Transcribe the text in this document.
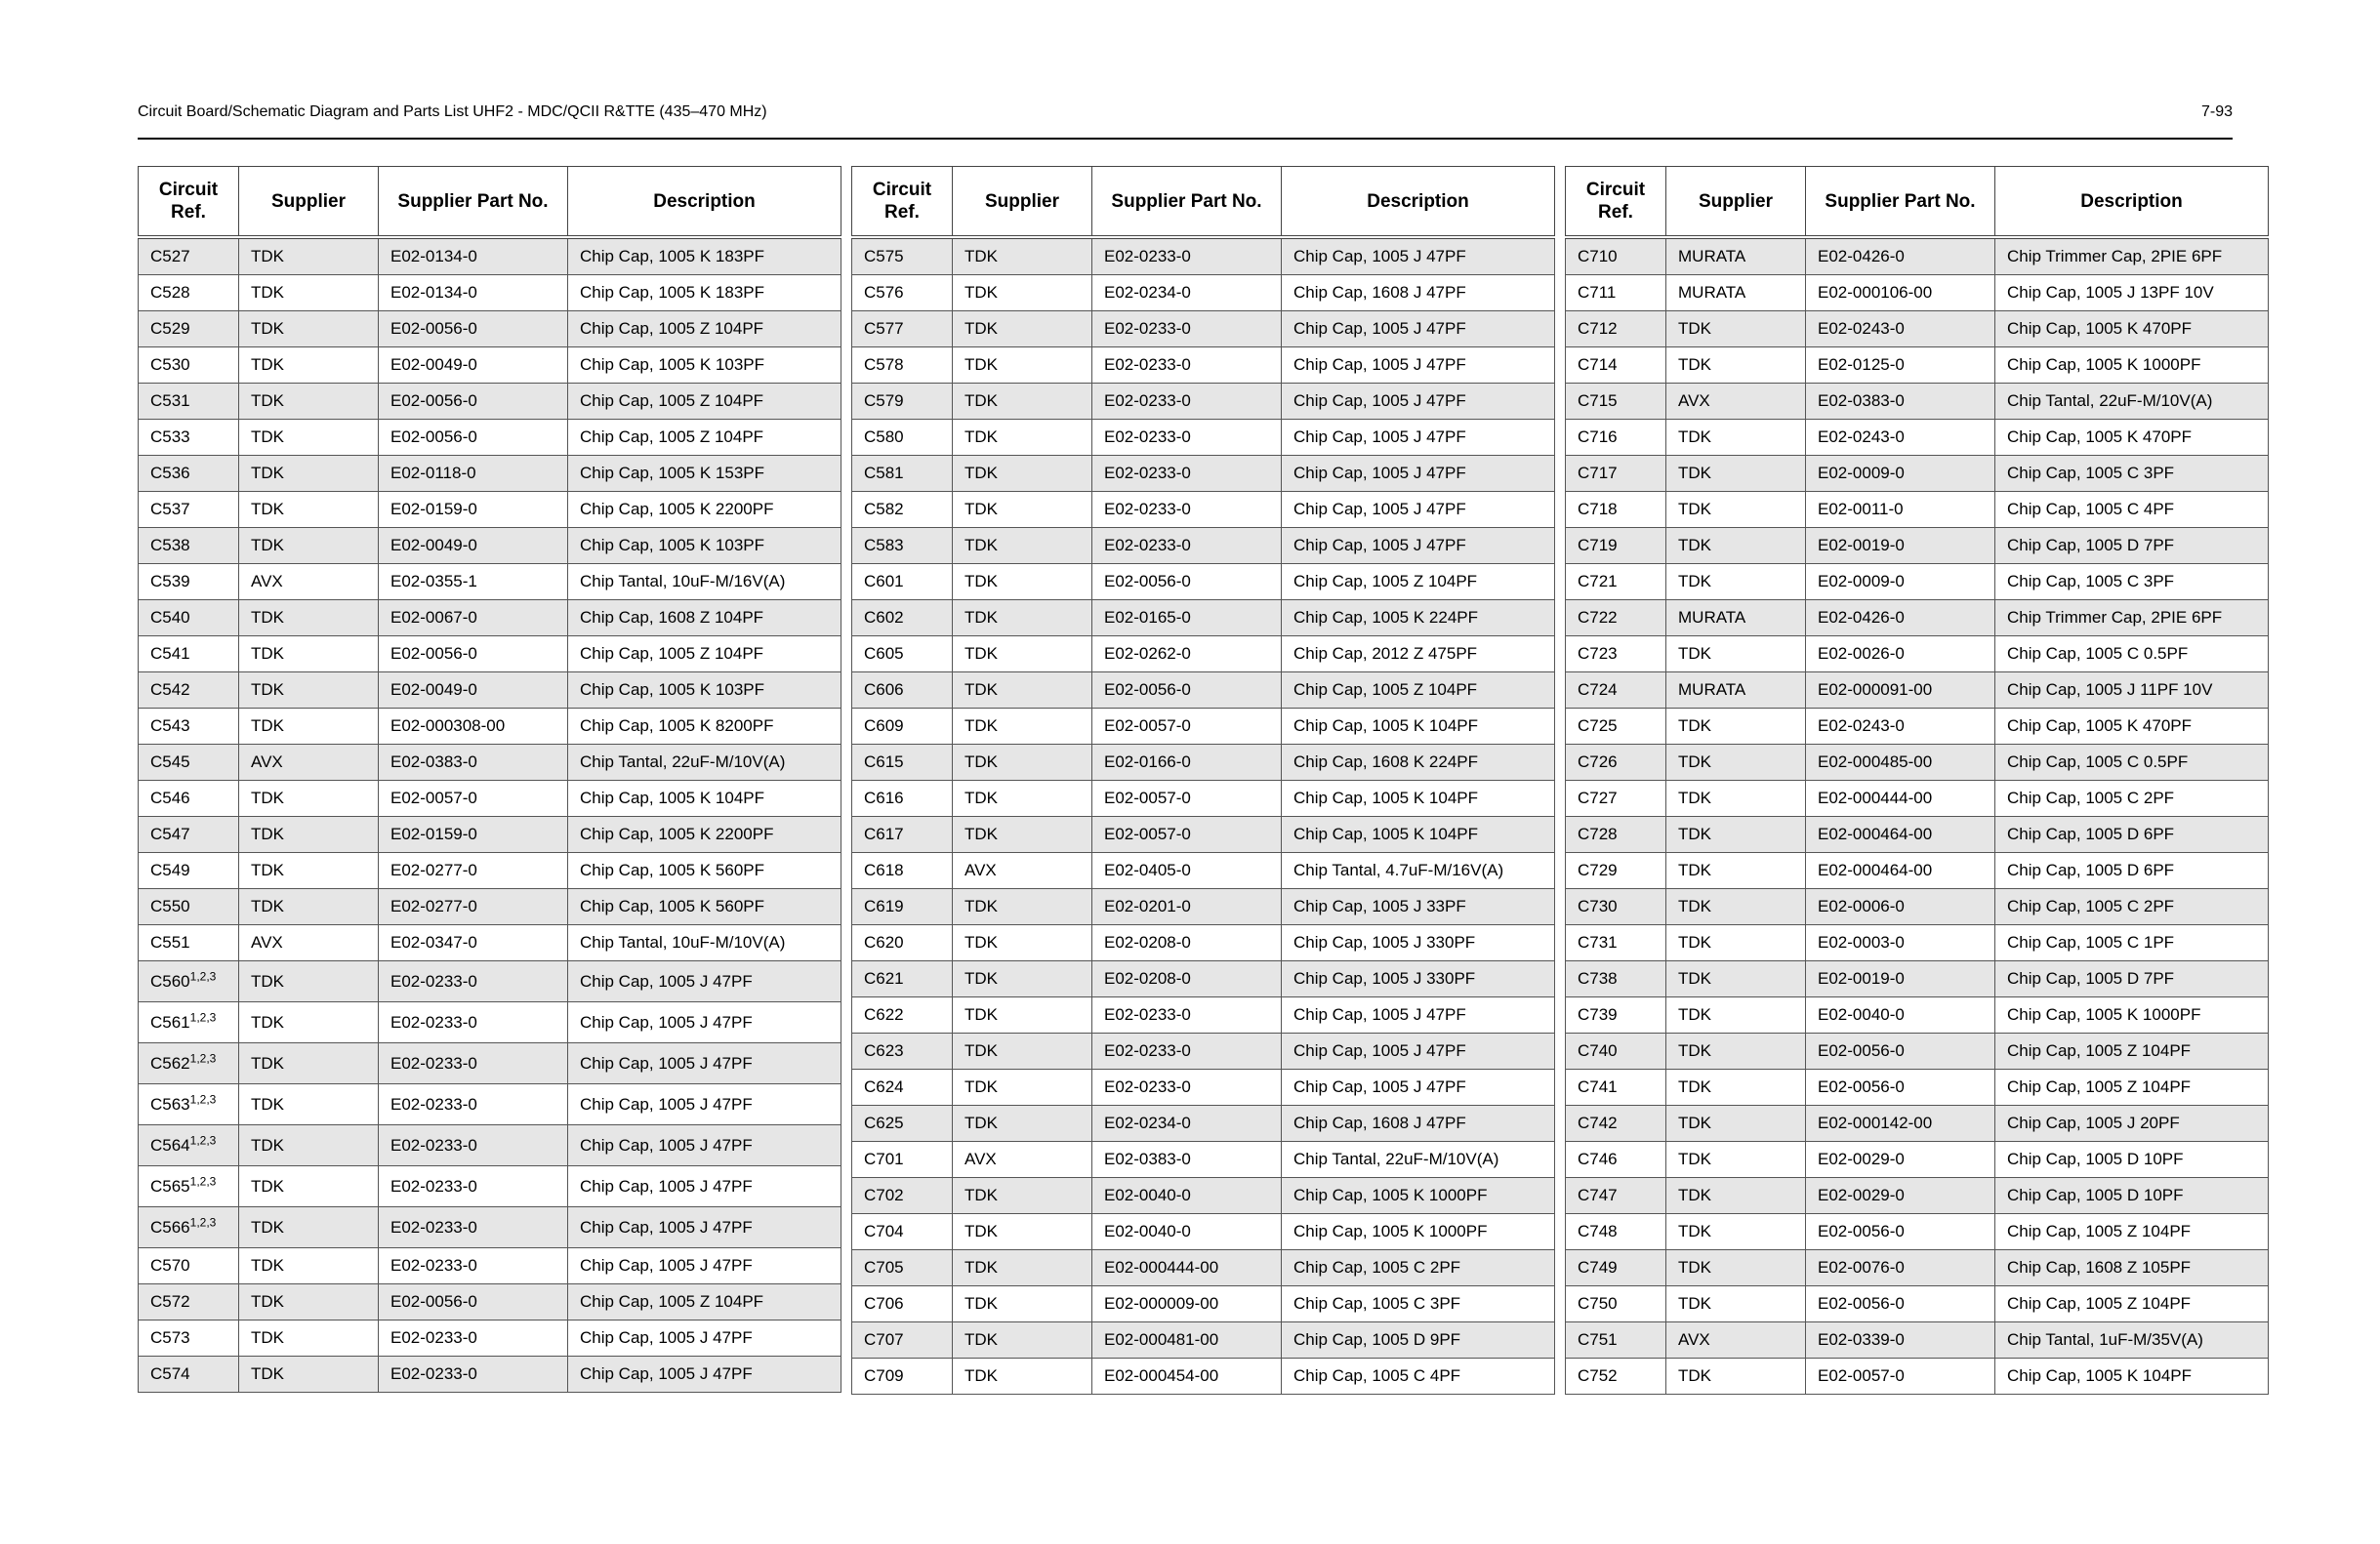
Circuit Board/Schematic Diagram and Parts List UHF2 - MDC/QCII R&TTE (435–470 MHz)	7-93
Circuit Ref.	Supplier	Supplier Part No.	Description
C527	TDK	E02-0134-0	Chip Cap, 1005 K 183PF
C528	TDK	E02-0134-0	Chip Cap, 1005 K 183PF
C529	TDK	E02-0056-0	Chip Cap, 1005 Z 104PF
C530	TDK	E02-0049-0	Chip Cap, 1005 K 103PF
C531	TDK	E02-0056-0	Chip Cap, 1005 Z 104PF
C533	TDK	E02-0056-0	Chip Cap, 1005 Z 104PF
C536	TDK	E02-0118-0	Chip Cap, 1005 K 153PF
C537	TDK	E02-0159-0	Chip Cap, 1005 K 2200PF
C538	TDK	E02-0049-0	Chip Cap, 1005 K 103PF
C539	AVX	E02-0355-1	Chip Tantal, 10uF-M/16V(A)
C540	TDK	E02-0067-0	Chip Cap, 1608 Z 104PF
C541	TDK	E02-0056-0	Chip Cap, 1005 Z 104PF
C542	TDK	E02-0049-0	Chip Cap, 1005 K 103PF
C543	TDK	E02-000308-00	Chip Cap, 1005 K 8200PF
C545	AVX	E02-0383-0	Chip Tantal, 22uF-M/10V(A)
C546	TDK	E02-0057-0	Chip Cap, 1005 K 104PF
C547	TDK	E02-0159-0	Chip Cap, 1005 K 2200PF
C549	TDK	E02-0277-0	Chip Cap, 1005 K 560PF
C550	TDK	E02-0277-0	Chip Cap, 1005 K 560PF
C551	AVX	E02-0347-0	Chip Tantal, 10uF-M/10V(A)
C560$^{1,2,3}$	TDK	E02-0233-0	Chip Cap, 1005 J 47PF
C561$^{1,2,3}$	TDK	E02-0233-0	Chip Cap, 1005 J 47PF
C562$^{1,2,3}$	TDK	E02-0233-0	Chip Cap, 1005 J 47PF
C563$^{1,2,3}$	TDK	E02-0233-0	Chip Cap, 1005 J 47PF
C564$^{1,2,3}$	TDK	E02-0233-0	Chip Cap, 1005 J 47PF
C565$^{1,2,3}$	TDK	E02-0233-0	Chip Cap, 1005 J 47PF
C566$^{1,2,3}$	TDK	E02-0233-0	Chip Cap, 1005 J 47PF
C570	TDK	E02-0233-0	Chip Cap, 1005 J 47PF
C572	TDK	E02-0056-0	Chip Cap, 1005 Z 104PF
C573	TDK	E02-0233-0	Chip Cap, 1005 J 47PF
C574	TDK	E02-0233-0	Chip Cap, 1005 J 47PF
Circuit Ref.	Supplier	Supplier Part No.	Description
C575	TDK	E02-0233-0	Chip Cap, 1005 J 47PF
C576	TDK	E02-0234-0	Chip Cap, 1608 J 47PF
C577	TDK	E02-0233-0	Chip Cap, 1005 J 47PF
C578	TDK	E02-0233-0	Chip Cap, 1005 J 47PF
C579	TDK	E02-0233-0	Chip Cap, 1005 J 47PF
C580	TDK	E02-0233-0	Chip Cap, 1005 J 47PF
C581	TDK	E02-0233-0	Chip Cap, 1005 J 47PF
C582	TDK	E02-0233-0	Chip Cap, 1005 J 47PF
C583	TDK	E02-0233-0	Chip Cap, 1005 J 47PF
C601	TDK	E02-0056-0	Chip Cap, 1005 Z 104PF
C602	TDK	E02-0165-0	Chip Cap, 1005 K 224PF
C605	TDK	E02-0262-0	Chip Cap, 2012 Z 475PF
C606	TDK	E02-0056-0	Chip Cap, 1005 Z 104PF
C609	TDK	E02-0057-0	Chip Cap, 1005 K 104PF
C615	TDK	E02-0166-0	Chip Cap, 1608 K 224PF
C616	TDK	E02-0057-0	Chip Cap, 1005 K 104PF
C617	TDK	E02-0057-0	Chip Cap, 1005 K 104PF
C618	AVX	E02-0405-0	Chip Tantal, 4.7uF-M/16V(A)
C619	TDK	E02-0201-0	Chip Cap, 1005 J 33PF
C620	TDK	E02-0208-0	Chip Cap, 1005 J 330PF
C621	TDK	E02-0208-0	Chip Cap, 1005 J 330PF
C622	TDK	E02-0233-0	Chip Cap, 1005 J 47PF
C623	TDK	E02-0233-0	Chip Cap, 1005 J 47PF
C624	TDK	E02-0233-0	Chip Cap, 1005 J 47PF
C625	TDK	E02-0234-0	Chip Cap, 1608 J 47PF
C701	AVX	E02-0383-0	Chip Tantal, 22uF-M/10V(A)
C702	TDK	E02-0040-0	Chip Cap, 1005 K 1000PF
C704	TDK	E02-0040-0	Chip Cap, 1005 K 1000PF
C705	TDK	E02-000444-00	Chip Cap, 1005 C 2PF
C706	TDK	E02-000009-00	Chip Cap, 1005 C 3PF
C707	TDK	E02-000481-00	Chip Cap, 1005 D 9PF
C709	TDK	E02-000454-00	Chip Cap, 1005 C 4PF
Circuit Ref.	Supplier	Supplier Part No.	Description
C710	MURATA	E02-0426-0	Chip Trimmer Cap, 2PIE 6PF
C711	MURATA	E02-000106-00	Chip Cap, 1005 J 13PF 10V
C712	TDK	E02-0243-0	Chip Cap, 1005 K 470PF
C714	TDK	E02-0125-0	Chip Cap, 1005 K 1000PF
C715	AVX	E02-0383-0	Chip Tantal, 22uF-M/10V(A)
C716	TDK	E02-0243-0	Chip Cap, 1005 K 470PF
C717	TDK	E02-0009-0	Chip Cap, 1005 C 3PF
C718	TDK	E02-0011-0	Chip Cap, 1005 C 4PF
C719	TDK	E02-0019-0	Chip Cap, 1005 D 7PF
C721	TDK	E02-0009-0	Chip Cap, 1005 C 3PF
C722	MURATA	E02-0426-0	Chip Trimmer Cap, 2PIE 6PF
C723	TDK	E02-0026-0	Chip Cap, 1005 C 0.5PF
C724	MURATA	E02-000091-00	Chip Cap, 1005 J 11PF 10V
C725	TDK	E02-0243-0	Chip Cap, 1005 K 470PF
C726	TDK	E02-000485-00	Chip Cap, 1005 C 0.5PF
C727	TDK	E02-000444-00	Chip Cap, 1005 C 2PF
C728	TDK	E02-000464-00	Chip Cap, 1005 D 6PF
C729	TDK	E02-000464-00	Chip Cap, 1005 D 6PF
C730	TDK	E02-0006-0	Chip Cap, 1005 C 2PF
C731	TDK	E02-0003-0	Chip Cap, 1005 C 1PF
C738	TDK	E02-0019-0	Chip Cap, 1005 D 7PF
C739	TDK	E02-0040-0	Chip Cap, 1005 K 1000PF
C740	TDK	E02-0056-0	Chip Cap, 1005 Z 104PF
C741	TDK	E02-0056-0	Chip Cap, 1005 Z 104PF
C742	TDK	E02-000142-00	Chip Cap, 1005 J 20PF
C746	TDK	E02-0029-0	Chip Cap, 1005 D 10PF
C747	TDK	E02-0029-0	Chip Cap, 1005 D 10PF
C748	TDK	E02-0056-0	Chip Cap, 1005 Z 104PF
C749	TDK	E02-0076-0	Chip Cap, 1608 Z 105PF
C750	TDK	E02-0056-0	Chip Cap, 1005 Z 104PF
C751	AVX	E02-0339-0	Chip Tantal, 1uF-M/35V(A)
C752	TDK	E02-0057-0	Chip Cap, 1005 K 104PF
